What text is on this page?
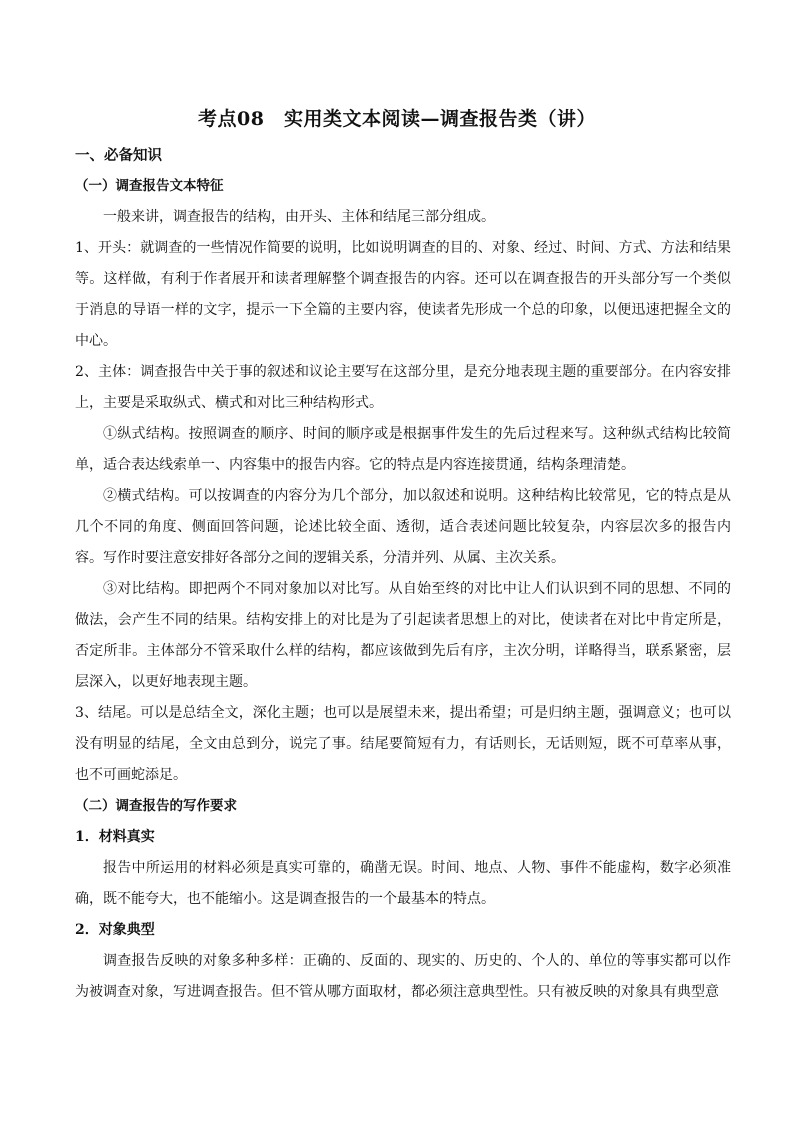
考点08　实用类文本阅读—调查报告类（讲）

一、必备知识

（一）调查报告文本特征

一般来讲，调查报告的结构，由开头、主体和结尾三部分组成。

1、开头：就调查的一些情况作简要的说明，比如说明调查的目的、对象、经过、时间、方式、方法和结果等。这样做，有利于作者展开和读者理解整个调查报告的内容。还可以在调查报告的开头部分写一个类似于消息的导语一样的文字，提示一下全篇的主要内容，使读者先形成一个总的印象，以便迅速把握全文的中心。

2、主体：调查报告中关于事的叙述和议论主要写在这部分里，是充分地表现主题的重要部分。在内容安排上，主要是采取纵式、横式和对比三种结构形式。

①纵式结构。按照调查的顺序、时间的顺序或是根据事件发生的先后过程来写。这种纵式结构比较简单，适合表达线索单一、内容集中的报告内容。它的特点是内容连接贯通，结构条理清楚。

②横式结构。可以按调查的内容分为几个部分，加以叙述和说明。这种结构比较常见，它的特点是从几个不同的角度、侧面回答问题，论述比较全面、透彻，适合表述问题比较复杂，内容层次多的报告内容。写作时要注意安排好各部分之间的逻辑关系，分清并列、从属、主次关系。

③对比结构。即把两个不同对象加以对比写。从自始至终的对比中让人们认识到不同的思想、不同的做法，会产生不同的结果。结构安排上的对比是为了引起读者思想上的对比，使读者在对比中肯定所是，否定所非。主体部分不管采取什么样的结构，都应该做到先后有序，主次分明，详略得当，联系紧密，层层深入，以更好地表现主题。

3、结尾。可以是总结全文，深化主题；也可以是展望未来，提出希望；可是归纳主题，强调意义；也可以没有明显的结尾，全文由总到分，说完了事。结尾要简短有力，有话则长，无话则短，既不可草率从事，也不可画蛇添足。

（二）调查报告的写作要求

1．材料真实

报告中所运用的材料必须是真实可靠的，确凿无误。时间、地点、人物、事件不能虚构，数字必须准确，既不能夸大，也不能缩小。这是调查报告的一个最基本的特点。

2．对象典型

调查报告反映的对象多种多样：正确的、反面的、现实的、历史的、个人的、单位的等事实都可以作为被调查对象，写进调查报告。但不管从哪方面取材，都必须注意典型性。只有被反映的对象具有典型意
